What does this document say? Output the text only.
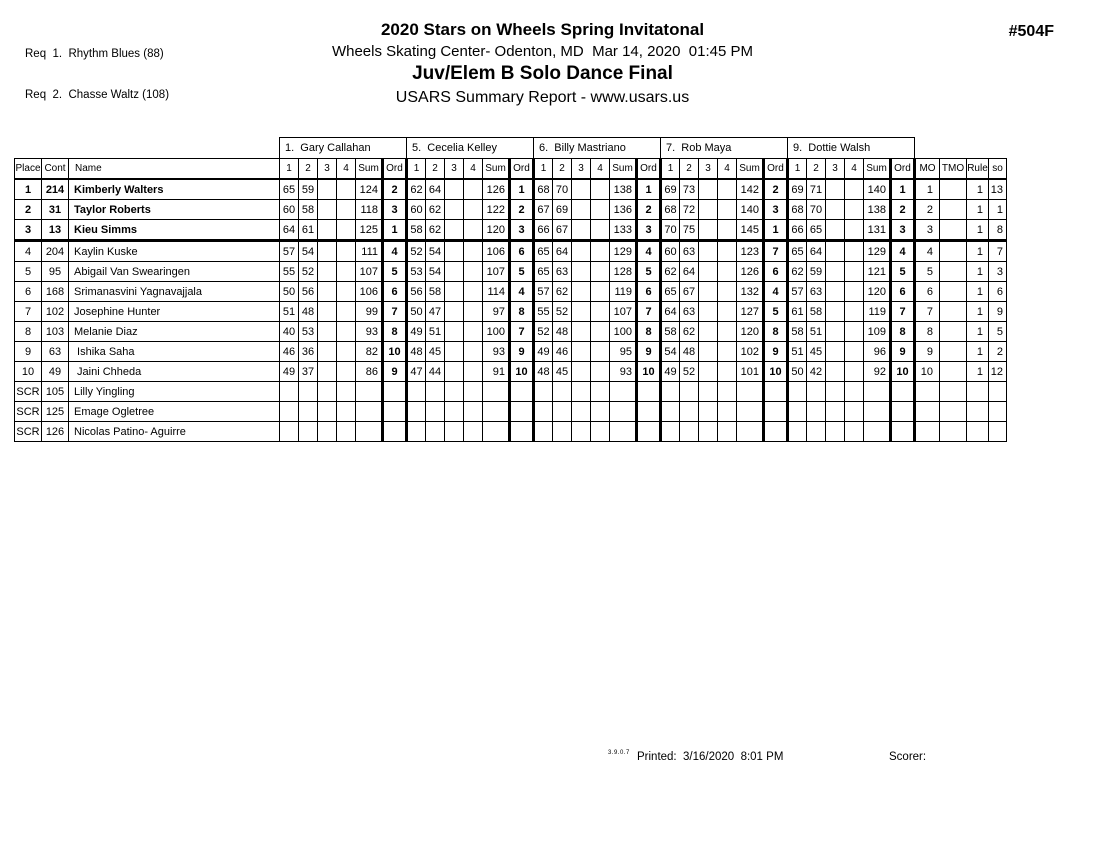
Req  1.  Rhythm Blues (88)

Req  2.  Chasse Waltz (108)

2020 Stars on Wheels Spring Invitatonal
Wheels Skating Center- Odenton, MD  Mar 14, 2020  01:45 PM
Juv/Elem B Solo Dance Final
USARS Summary Report - www.usars.us
#504F
			1.  Gary Callahan						5.  Cecelia Kelley						6.  Billy Mastriano						7.  Rob Maya						9.  Dottie Walsh									
Place	Cont	Name	1	2	3	4	Sum	Ord	1	2	3	4	Sum	Ord	1	2	3	4	Sum	Ord	1	2	3	4	Sum	Ord	1	2	3	4	Sum	Ord	MO	TMO	Rule	so
1	214	Kimberly Walters	65	59			124	2	62	64			126	1	68	70			138	1	69	73			142	2	69	71			140	1	1		1	13
2	31	Taylor Roberts	60	58			118	3	60	62			122	2	67	69			136	2	68	72			140	3	68	70			138	2	2		1	1
3	13	Kieu Simms	64	61			125	1	58	62			120	3	66	67			133	3	70	75			145	1	66	65			131	3	3		1	8
4	204	Kaylin Kuske	57	54			111	4	52	54			106	6	65	64			129	4	60	63			123	7	65	64			129	4	4		1	7
5	95	Abigail Van Swearingen	55	52			107	5	53	54			107	5	65	63			128	5	62	64			126	6	62	59			121	5	5		1	3
6	168	Srimanasvini Yagnavajjala	50	56			106	6	56	58			114	4	57	62			119	6	65	67			132	4	57	63			120	6	6		1	6
7	102	Josephine Hunter	51	48			99	7	50	47			97	8	55	52			107	7	64	63			127	5	61	58			119	7	7		1	9
8	103	Melanie Diaz	40	53			93	8	49	51			100	7	52	48			100	8	58	62			120	8	58	51			109	8	8		1	5
9	63	Ishika Saha	46	36			82	10	48	45			93	9	49	46			95	9	54	48			102	9	51	45			96	9	9		1	2
10	49	Jaini Chheda	49	37			86	9	47	44			91	10	48	45			93	10	49	52			101	10	50	42			92	10	10		1	12
SCR	105	Lilly Yingling																																		
SCR	125	Emage Ogletree																																		
SCR	126	Nicolas Patino- Aguirre																																		
3.9.0.7 Printed:  3/16/2020  8:01 PM	Scorer:
